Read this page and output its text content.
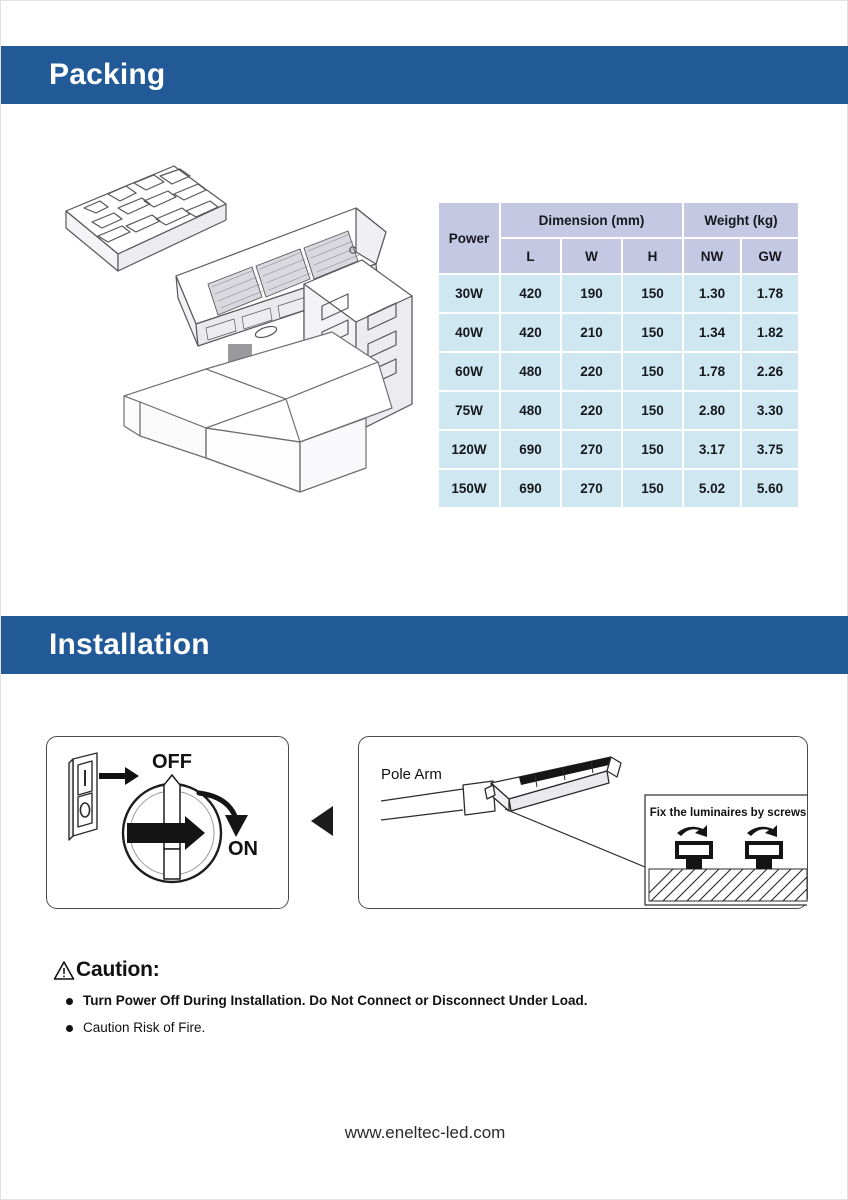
Packing
Power	Dimension (mm)			Weight (kg)	
	L	W	H	NW	GW
30W	420	190	150	1.30	1.78
40W	420	210	150	1.34	1.82
60W	480	220	150	1.78	2.26
75W	480	220	150	2.80	3.30
120W	690	270	150	3.17	3.75
150W	690	270	150	5.02	5.60
Installation
OFF
ON
Fix the luminaires by screws
Pole Arm
Caution:
Turn Power Off During Installation. Do Not Connect or Disconnect Under Load.
Caution Risk of Fire.
www.eneltec-led.com
